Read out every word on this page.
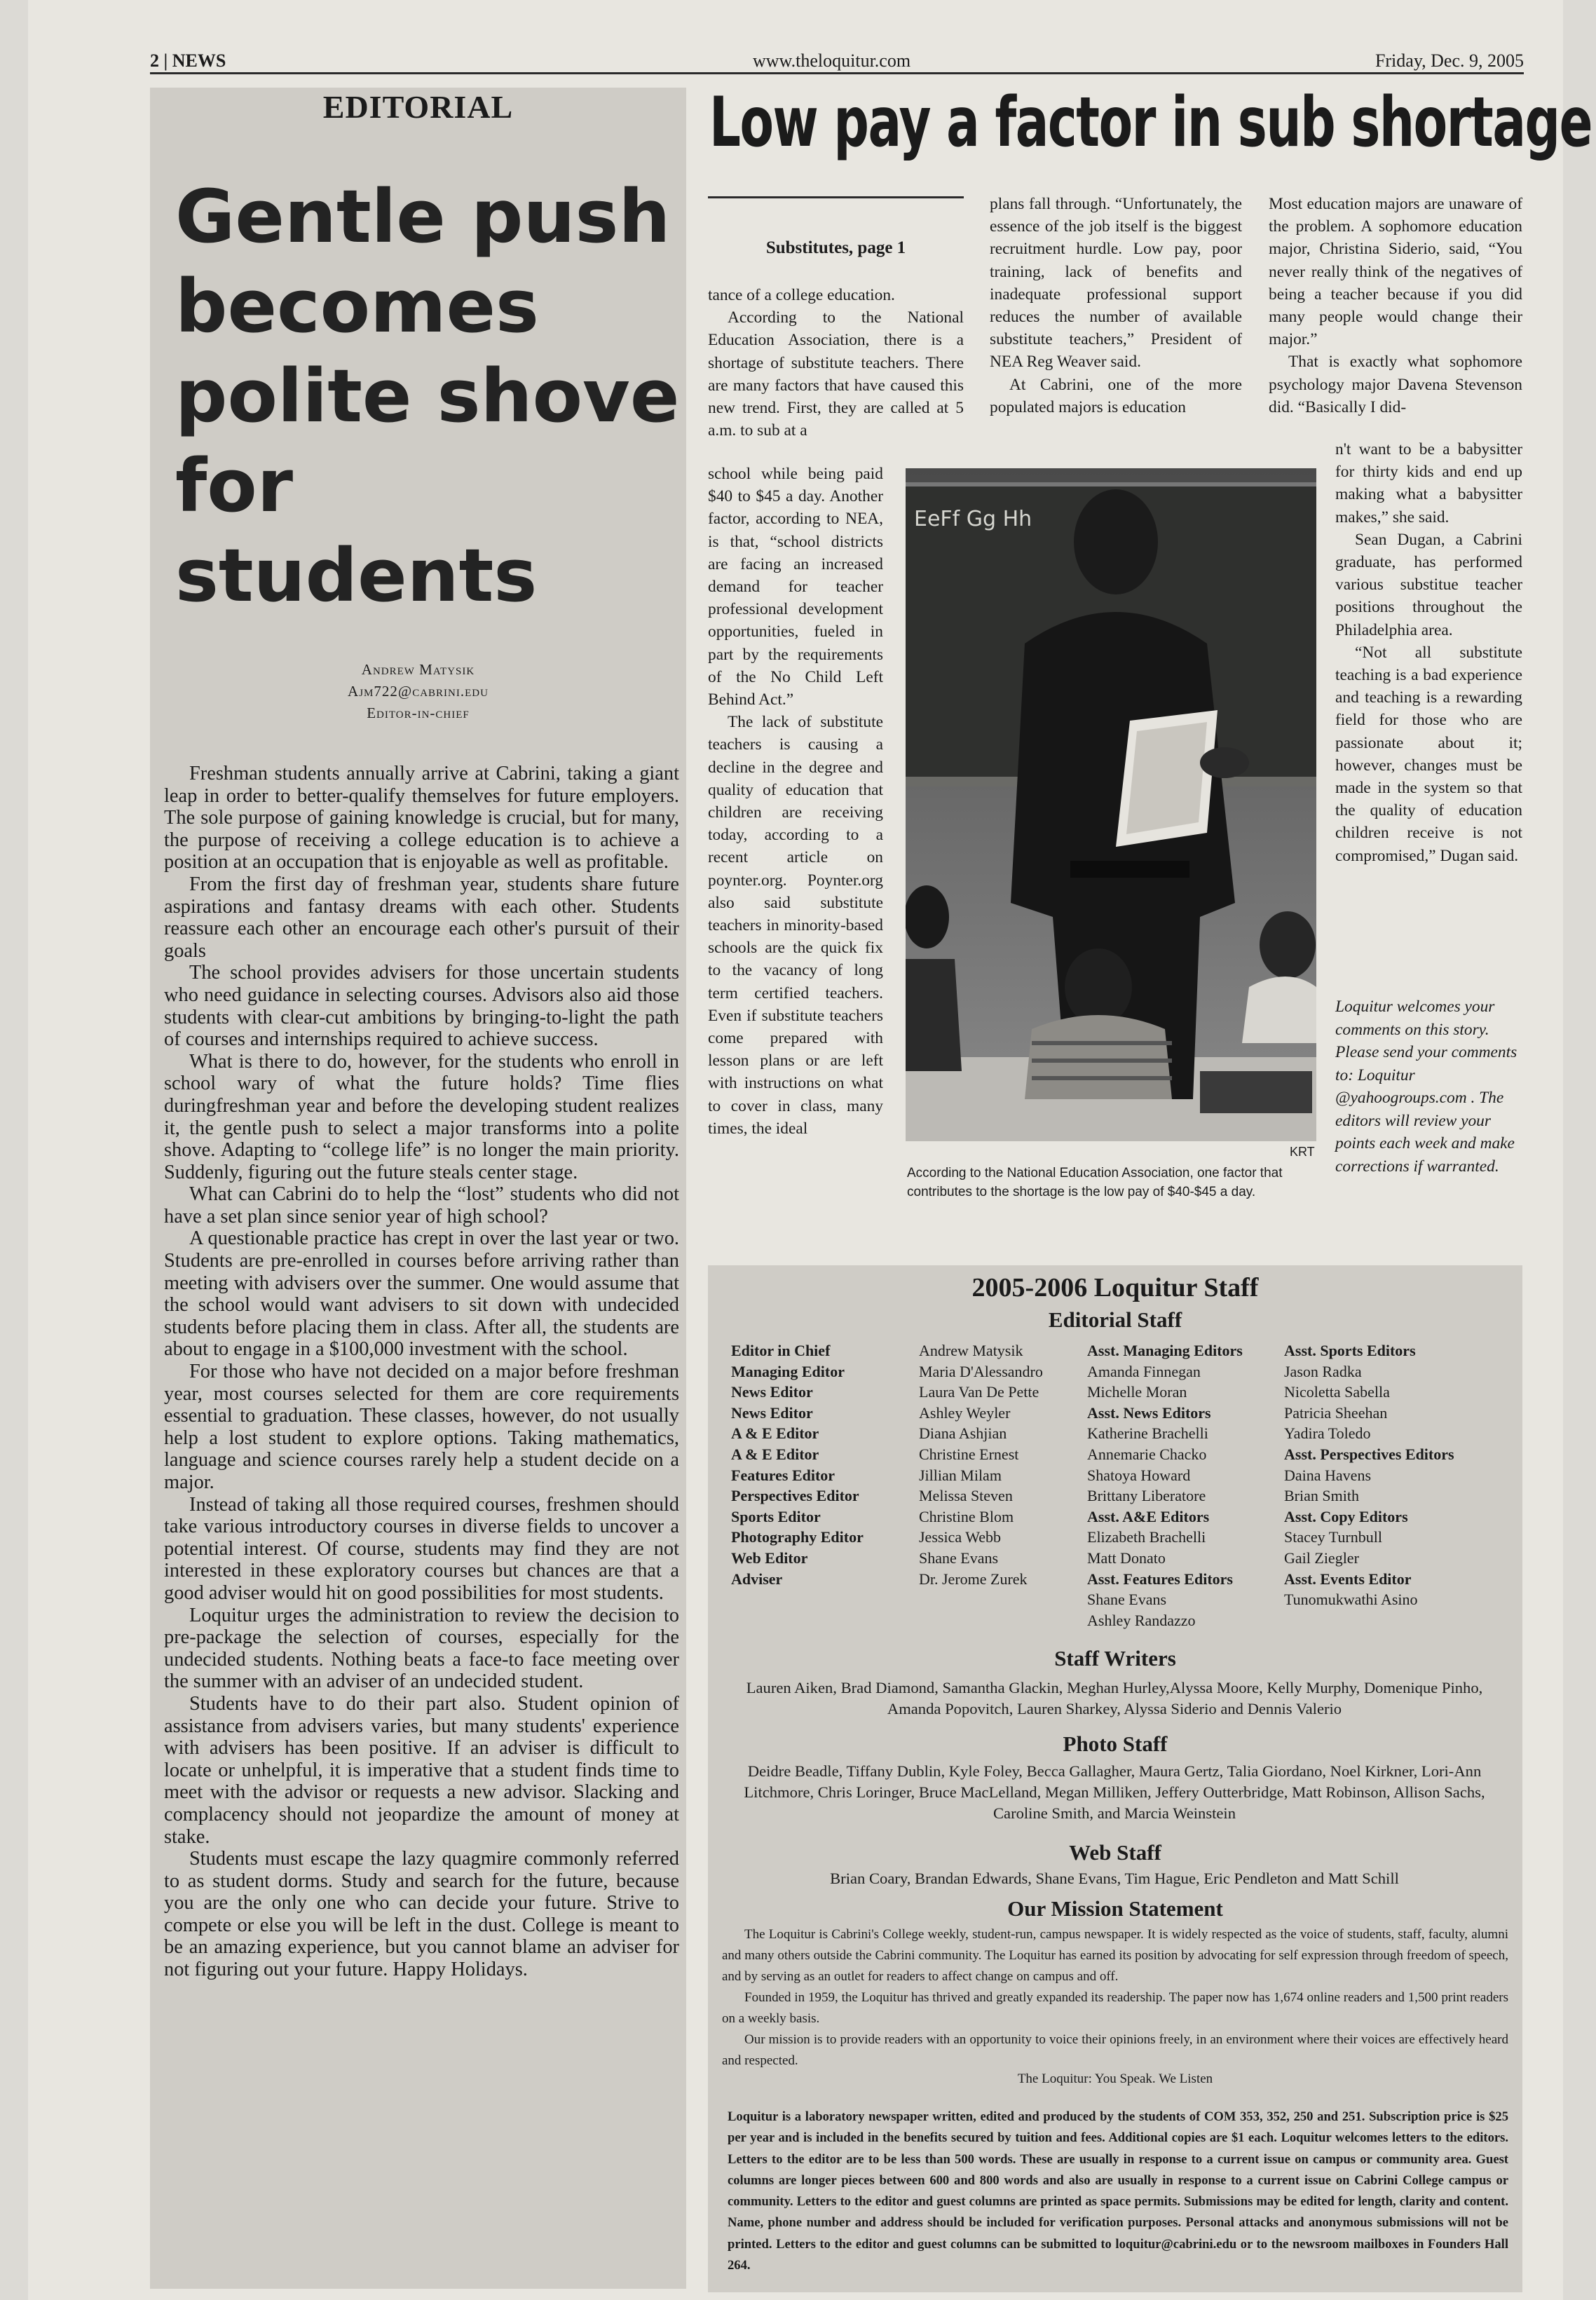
2 | NEWS	www.theloquitur.com	Friday, Dec. 9, 2005
EDITORIAL
Gentle push becomes polite shove for students
Andrew Matysik
Ajm722@cabrini.edu
Editor-in-chief

Freshman students annually arrive at Cabrini, taking a giant leap in order to better-qualify themselves for future employers. The sole purpose of gaining knowledge is crucial, but for many, the purpose of receiving a college education is to achieve a position at an occupation that is enjoyable as well as profitable.

From the first day of freshman year, students share future aspirations and fantasy dreams with each other. Students reassure each other an encourage each other's pursuit of their goals

The school provides advisers for those uncertain students who need guidance in selecting courses. Advisors also aid those students with clear-cut ambitions by bringing-to-light the path of courses and internships required to achieve success.

What is there to do, however, for the students who enroll in school wary of what the future holds? Time flies duringfreshman year and before the developing student realizes it, the gentle push to select a major transforms into a polite shove. Adapting to “college life” is no longer the main priority. Suddenly, figuring out the future steals center stage.

What can Cabrini do to help the “lost” students who did not have a set plan since senior year of high school?

A questionable practice has crept in over the last year or two. Students are pre-enrolled in courses before arriving rather than meeting with advisers over the summer. One would assume that the school would want advisers to sit down with undecided students before placing them in class. After all, the students are about to engage in a $100,000 investment with the school.

For those who have not decided on a major before freshman year, most courses selected for them are core requirements essential to graduation. These classes, however, do not usually help a lost student to explore options. Taking mathematics, language and science courses rarely help a student decide on a major.

Instead of taking all those required courses, freshmen should take various introductory courses in diverse fields to uncover a potential interest. Of course, students may find they are not interested in these exploratory courses but chances are that a good adviser would hit on good possibilities for most students.

Loquitur urges the administration to review the decision to pre-package the selection of courses, especially for the undecided students. Nothing beats a face-to face meeting over the summer with an adviser of an undecided student.

Students have to do their part also. Student opinion of assistance from advisers varies, but many students' experience with advisers has been positive. If an adviser is difficult to locate or unhelpful, it is imperative that a student finds time to meet with the advisor or requests a new advisor. Slacking and complacency should not jeopardize the amount of money at stake.

Students must escape the lazy quagmire commonly referred to as student dorms. Study and search for the future, because you are the only one who can decide your future. Strive to compete or else you will be left in the dust. College is meant to be an amazing experience, but you cannot blame an adviser for not figuring out your future. Happy Holidays.

Low pay a factor in sub shortage
Substitutes, page 1

tance of a college education.

According to the National Education Association, there is a shortage of substitute teachers. There are many factors that have caused this new trend. First, they are called at 5 a.m. to sub at a

school while being paid $40 to $45 a day. Another factor, according to NEA, is that, “school districts are facing an increased demand for teacher professional development opportunities, fueled in part by the requirements of the No Child Left Behind Act.”

The lack of substitute teachers is causing a decline in the degree and quality of education that children are receiving today, according to a recent article on poynter.org. Poynter.org also said substitute teachers in minority-based schools are the quick fix to the vacancy of long term certified teachers. Even if substitute teachers come prepared with lesson plans or are left with instructions on what to cover in class, many times, the ideal

plans fall through. “Unfortunately, the essence of the job itself is the biggest recruitment hurdle. Low pay, poor training, lack of benefits and inadequate professional support reduces the number of available substitute teachers,” President of NEA Reg Weaver said.

At Cabrini, one of the more populated majors is education

Most education majors are unaware of the problem. A sophomore education major, Christina Siderio, said, “You never really think of the negatives of being a teacher because if you did many people would change their major.”

That is exactly what sophomore psychology major Davena Stevenson did. “Basically I did-

n't want to be a babysitter for thirty kids and end up making what a babysitter makes,” she said.

Sean Dugan, a Cabrini graduate, has performed various substitue teacher positions throughout the Philadelphia area.

“Not all substitute teaching is a bad experience and teaching is a rewarding field for those who are passionate about it; however, changes must be made in the system so that the quality of education children receive is not compromised,” Dugan said.

Loquitur welcomes your comments on this story. Please send your comments to: Loquitur @yahoogroups.com . The editors will review your points each week and make corrections if warranted.
EeFf Gg Hh
KRT
According to the National Education Association, one factor that contributes to the shortage is the low pay of $40-$45 a day.
2005-2006 Loquitur Staff
Editorial Staff
Editor in Chief
Managing Editor
News Editor
News Editor
A & E Editor
A & E Editor
Features Editor
Perspectives Editor
Sports Editor
Photography Editor
Web Editor
Adviser
Andrew Matysik
Maria D'Alessandro
Laura Van De Pette
Ashley Weyler
Diana Ashjian
Christine Ernest
Jillian Milam
Melissa Steven
Christine Blom
Jessica Webb
Shane Evans
Dr. Jerome Zurek
Asst. Managing Editors
Amanda Finnegan
Michelle Moran
Asst. News Editors
Katherine Brachelli
Annemarie Chacko
Shatoya Howard
Brittany Liberatore
Asst. A&E Editors
Elizabeth Brachelli
Matt Donato
Asst. Features Editors
Shane Evans
Ashley Randazzo
Asst. Sports Editors
Jason Radka
Nicoletta Sabella
Patricia Sheehan
Yadira Toledo
Asst. Perspectives Editors
Daina Havens
Brian Smith
Asst. Copy Editors
Stacey Turnbull
Gail Ziegler
Asst. Events Editor
Tunomukwathi Asino
Staff Writers
Lauren Aiken, Brad Diamond, Samantha Glackin, Meghan Hurley,Alyssa Moore, Kelly Murphy, Domenique Pinho, Amanda Popovitch, Lauren Sharkey, Alyssa Siderio and Dennis Valerio
Photo Staff
Deidre Beadle, Tiffany Dublin, Kyle Foley, Becca Gallagher, Maura Gertz, Talia Giordano, Noel Kirkner, Lori-Ann Litchmore, Chris Loringer, Bruce MacLelland, Megan Milliken, Jeffery Outterbridge, Matt Robinson, Allison Sachs, Caroline Smith, and Marcia Weinstein
Web Staff
Brian Coary, Brandan Edwards, Shane Evans, Tim Hague, Eric Pendleton and Matt Schill
Our Mission Statement

The Loquitur is Cabrini's College weekly, student-run, campus newspaper. It is widely respected as the voice of students, staff, faculty, alumni and many others outside the Cabrini community. The Loquitur has earned its position by advocating for self expression through freedom of speech, and by serving as an outlet for readers to affect change on campus and off.

Founded in 1959, the Loquitur has thrived and greatly expanded its readership. The paper now has 1,674 online readers and 1,500 print readers on a weekly basis.

Our mission is to provide readers with an opportunity to voice their opinions freely, in an environment where their voices are effectively heard and respected.

The Loquitur: You Speak. We Listen
Loquitur is a laboratory newspaper written, edited and produced by the students of COM 353, 352, 250 and 251. Subscription price is $25 per year and is included in the benefits secured by tuition and fees. Additional copies are $1 each. Loquitur welcomes letters to the editors. Letters to the editor are to be less than 500 words. These are usually in response to a current issue on campus or community area. Guest columns are longer pieces between 600 and 800 words and also are usually in response to a current issue on Cabrini College campus or community. Letters to the editor and guest columns are printed as space permits. Submissions may be edited for length, clarity and content. Name, phone number and address should be included for verification purposes. Personal attacks and anonymous submissions will not be printed. Letters to the editor and guest columns can be submitted to loquitur@cabrini.edu or to the newsroom mailboxes in Founders Hall 264.
